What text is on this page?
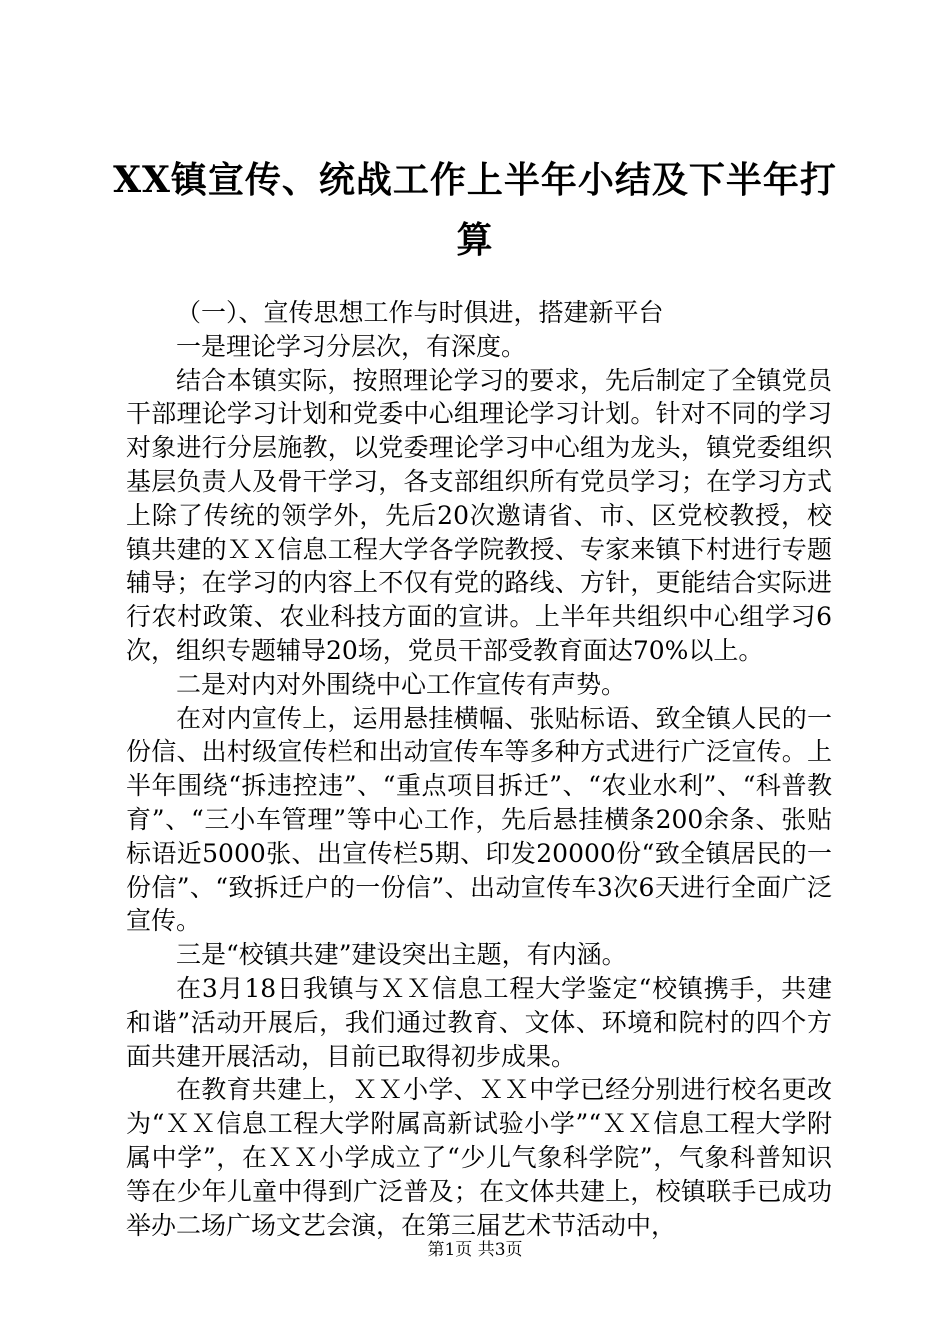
XX镇宣传、统战工作上半年小结及下半年打算

（一）、宣传思想工作与时俱进，搭建新平台

一是理论学习分层次，有深度。

结合本镇实际，按照理论学习的要求，先后制定了全镇党员干部理论学习计划和党委中心组理论学习计划。针对不同的学习对象进行分层施教，以党委理论学习中心组为龙头，镇党委组织基层负责人及骨干学习，各支部组织所有党员学习；在学习方式上除了传统的领学外，先后20次邀请省、市、区党校教授，校镇共建的ＸＸ信息工程大学各学院教授、专家来镇下村进行专题辅导；在学习的内容上不仅有党的路线、方针，更能结合实际进行农村政策、农业科技方面的宣讲。上半年共组织中心组学习6次，组织专题辅导20场，党员干部受教育面达70%以上。

二是对内对外围绕中心工作宣传有声势。

在对内宣传上，运用悬挂横幅、张贴标语、致全镇人民的一份信、出村级宣传栏和出动宣传车等多种方式进行广泛宣传。上半年围绕“拆违控违”、“重点项目拆迁”、“农业水利”、“科普教育”、“三小车管理”等中心工作，先后悬挂横条200余条、张贴标语近5000张、出宣传栏5期、印发20000份“致全镇居民的一份信”、“致拆迁户的一份信”、出动宣传车3次6天进行全面广泛宣传。

三是“校镇共建”建设突出主题，有内涵。

在3月18日我镇与ＸＸ信息工程大学鉴定“校镇携手，共建和谐”活动开展后，我们通过教育、文体、环境和院村的四个方面共建开展活动，目前已取得初步成果。

在教育共建上，ＸＸ小学、ＸＸ中学已经分别进行校名更改为“ＸＸ信息工程大学附属高新试验小学”“ＸＸ信息工程大学附属中学”，在ＸＸ小学成立了“少儿气象科学院”，气象科普知识等在少年儿童中得到广泛普及；在文体共建上，校镇联手已成功举办二场广场文艺会演，在第三届艺术节活动中，

第1页 共3页
